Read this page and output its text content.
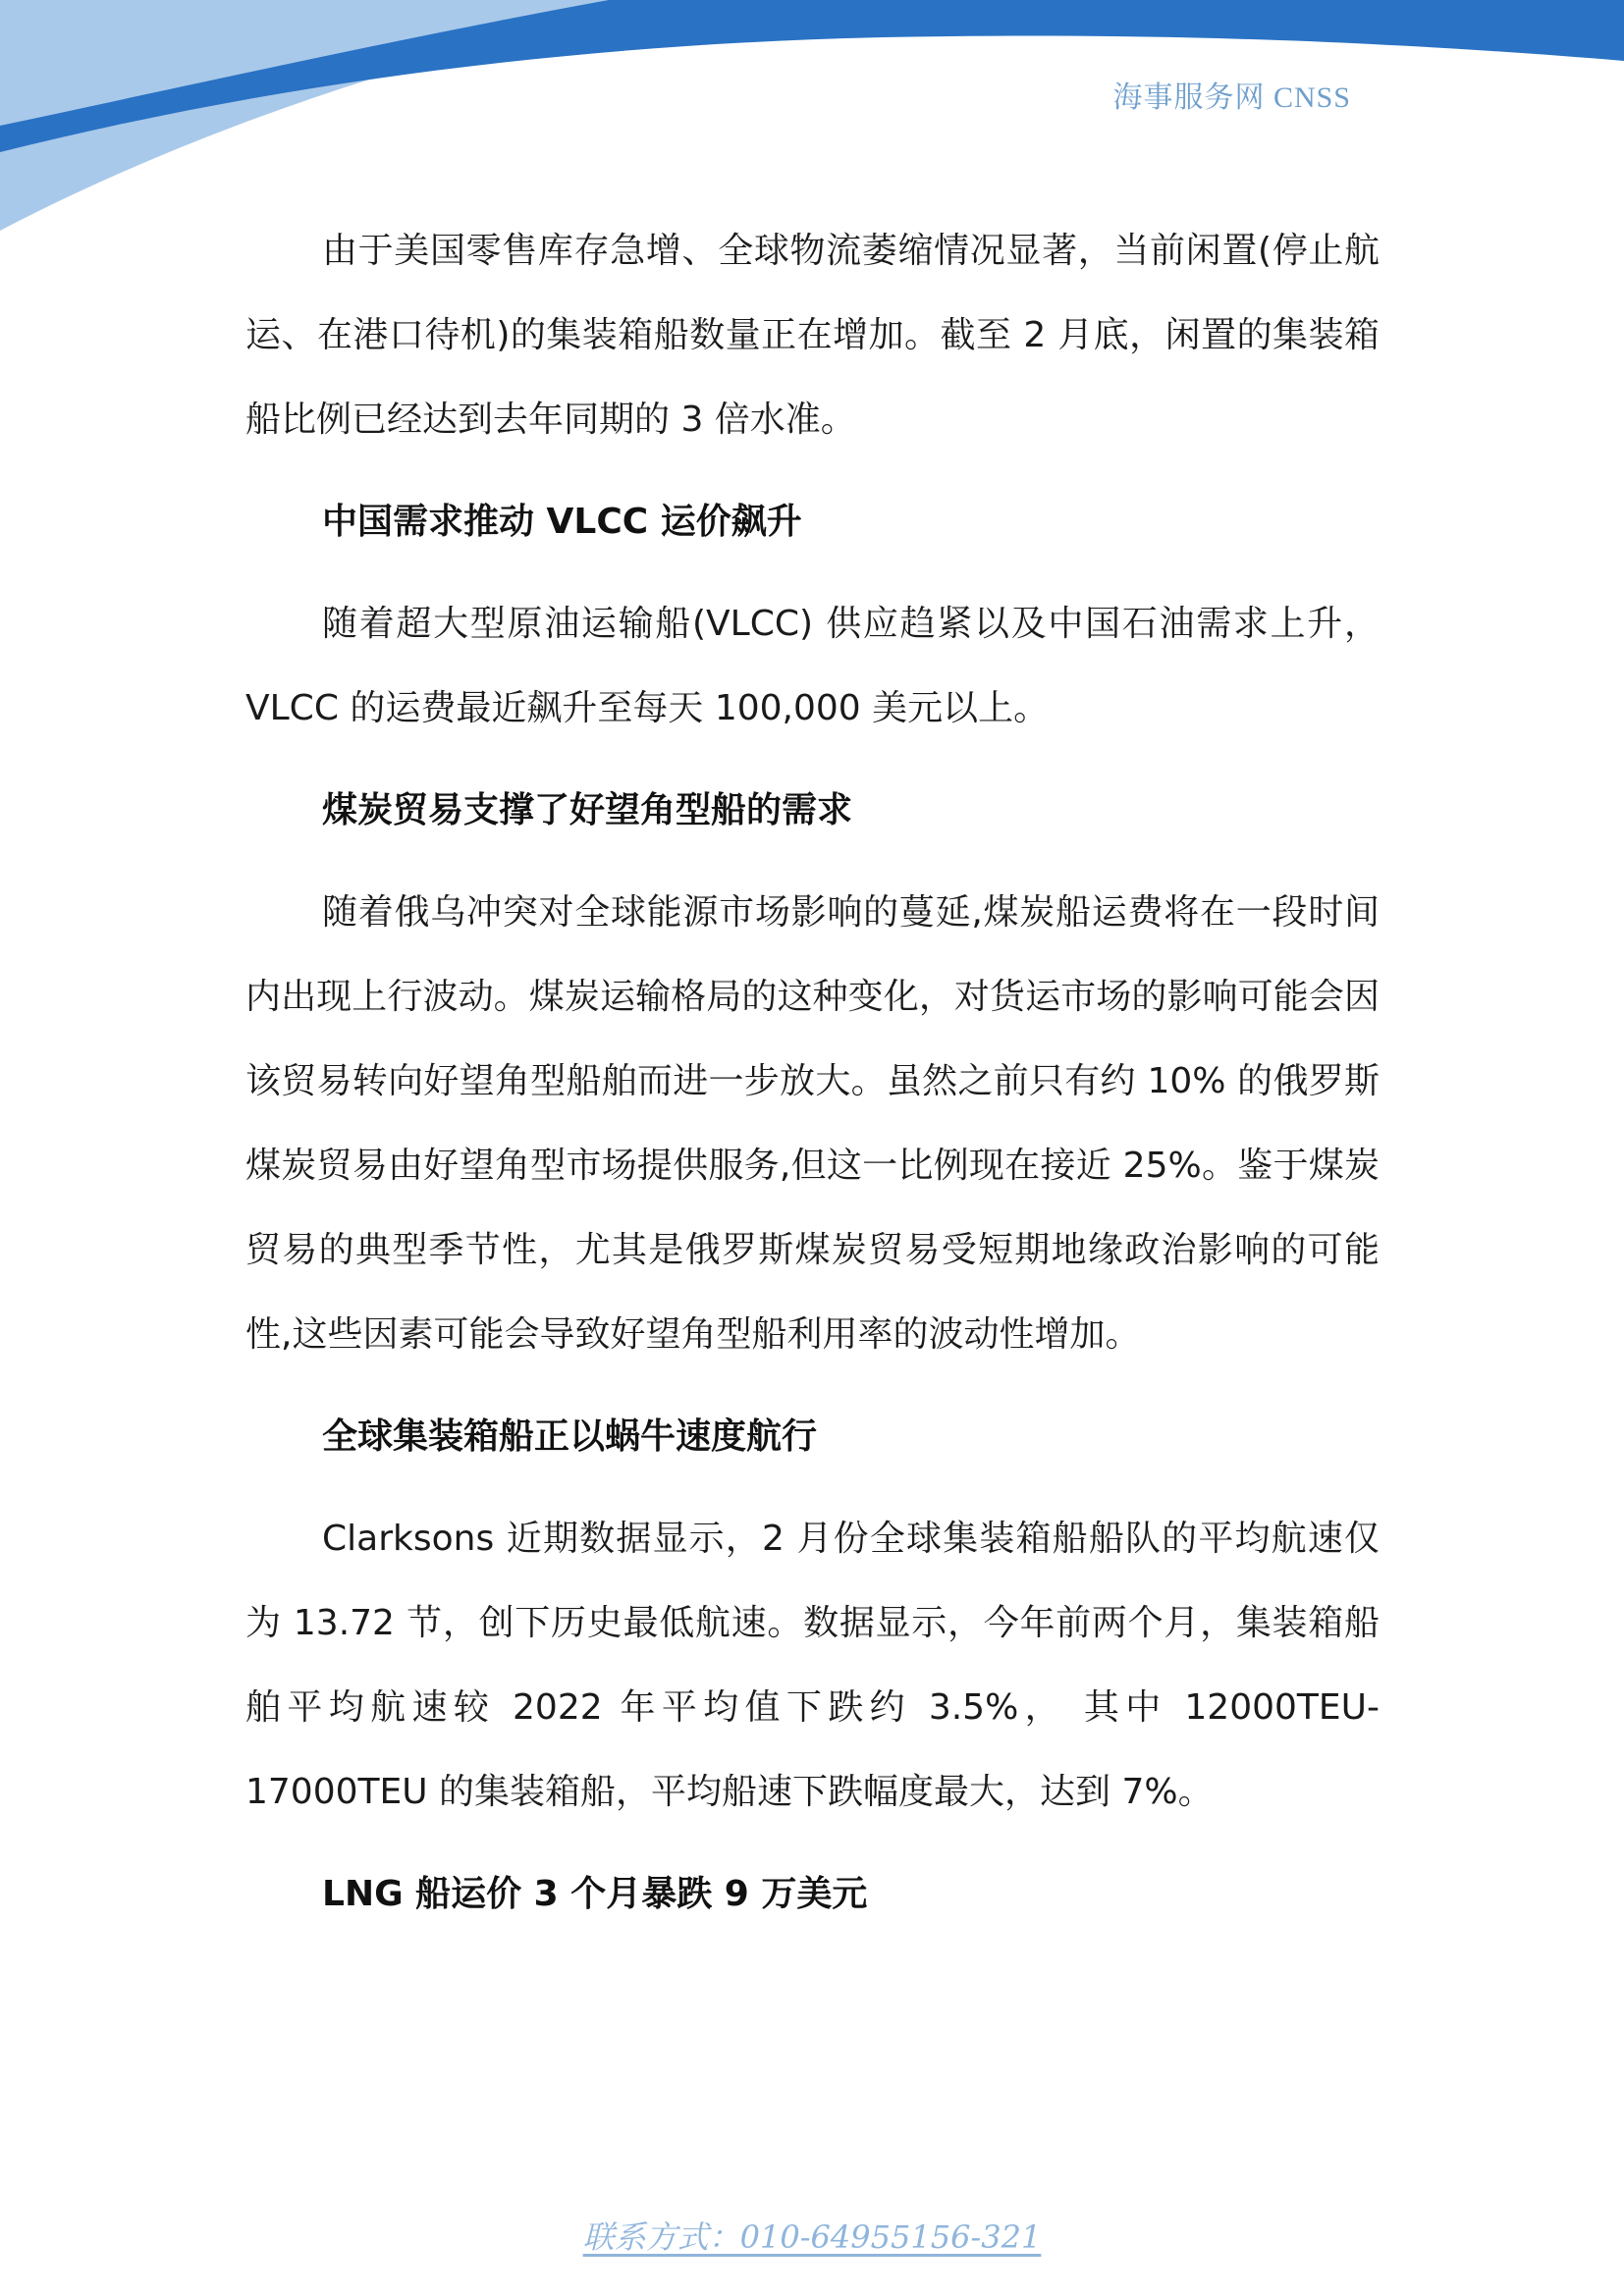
海事服务网 CNSS

由于美国零售库存急增、全球物流萎缩情况显著，当前闲置(停止航运、在港口待机)的集装箱船数量正在增加。截至 2 月底，闲置的集装箱船比例已经达到去年同期的 3 倍水准。

中国需求推动 VLCC 运价飙升

随着超大型原油运输船(VLCC) 供应趋紧以及中国石油需求上升，VLCC 的运费最近飙升至每天 100,000 美元以上。

煤炭贸易支撑了好望角型船的需求

随着俄乌冲突对全球能源市场影响的蔓延,煤炭船运费将在一段时间内出现上行波动。煤炭运输格局的这种变化，对货运市场的影响可能会因该贸易转向好望角型船舶而进一步放大。虽然之前只有约 10% 的俄罗斯煤炭贸易由好望角型市场提供服务,但这一比例现在接近 25%。鉴于煤炭贸易的典型季节性，尤其是俄罗斯煤炭贸易受短期地缘政治影响的可能性,这些因素可能会导致好望角型船利用率的波动性增加。

全球集装箱船正以蜗牛速度航行

Clarksons 近期数据显示，2 月份全球集装箱船船队的平均航速仅为 13.72 节，创下历史最低航速。数据显示，今年前两个月，集装箱船舶平均航速较 2022 年平均值下跌约 3.5%， 其中 12000TEU-17000TEU 的集装箱船，平均船速下跌幅度最大，达到 7%。

LNG 船运价 3 个月暴跌 9 万美元

联系方式：010-64955156-321
